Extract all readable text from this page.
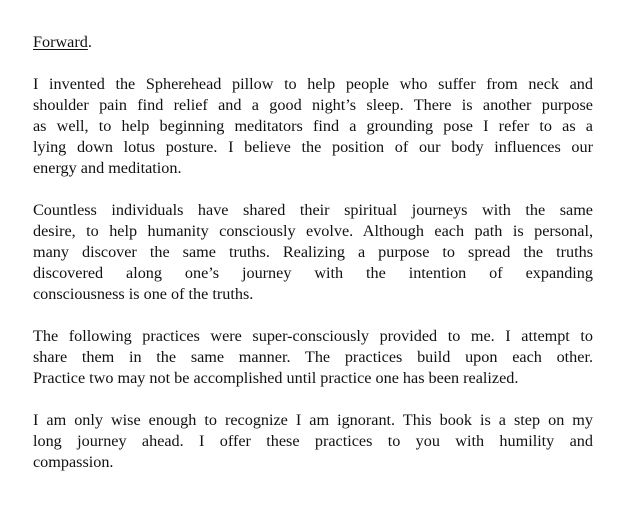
Forward.
I invented the Spherehead pillow to help people who suffer from neck and
shoulder pain find relief and a good night’s sleep. There is another purpose
as well, to help beginning meditators find a grounding pose I refer to as a
lying down lotus posture. I believe the position of our body influences our
energy and meditation.
Countless individuals have shared their spiritual journeys with the same
desire, to help humanity consciously evolve. Although each path is personal,
many discover the same truths. Realizing a purpose to spread the truths
discovered along one’s journey with the intention of expanding
consciousness is one of the truths.
The following practices were super-consciously provided to me. I attempt to
share them in the same manner. The practices build upon each other.
Practice two may not be accomplished until practice one has been realized.
I am only wise enough to recognize I am ignorant. This book is a step on my
long journey ahead. I offer these practices to you with humility and
compassion.
